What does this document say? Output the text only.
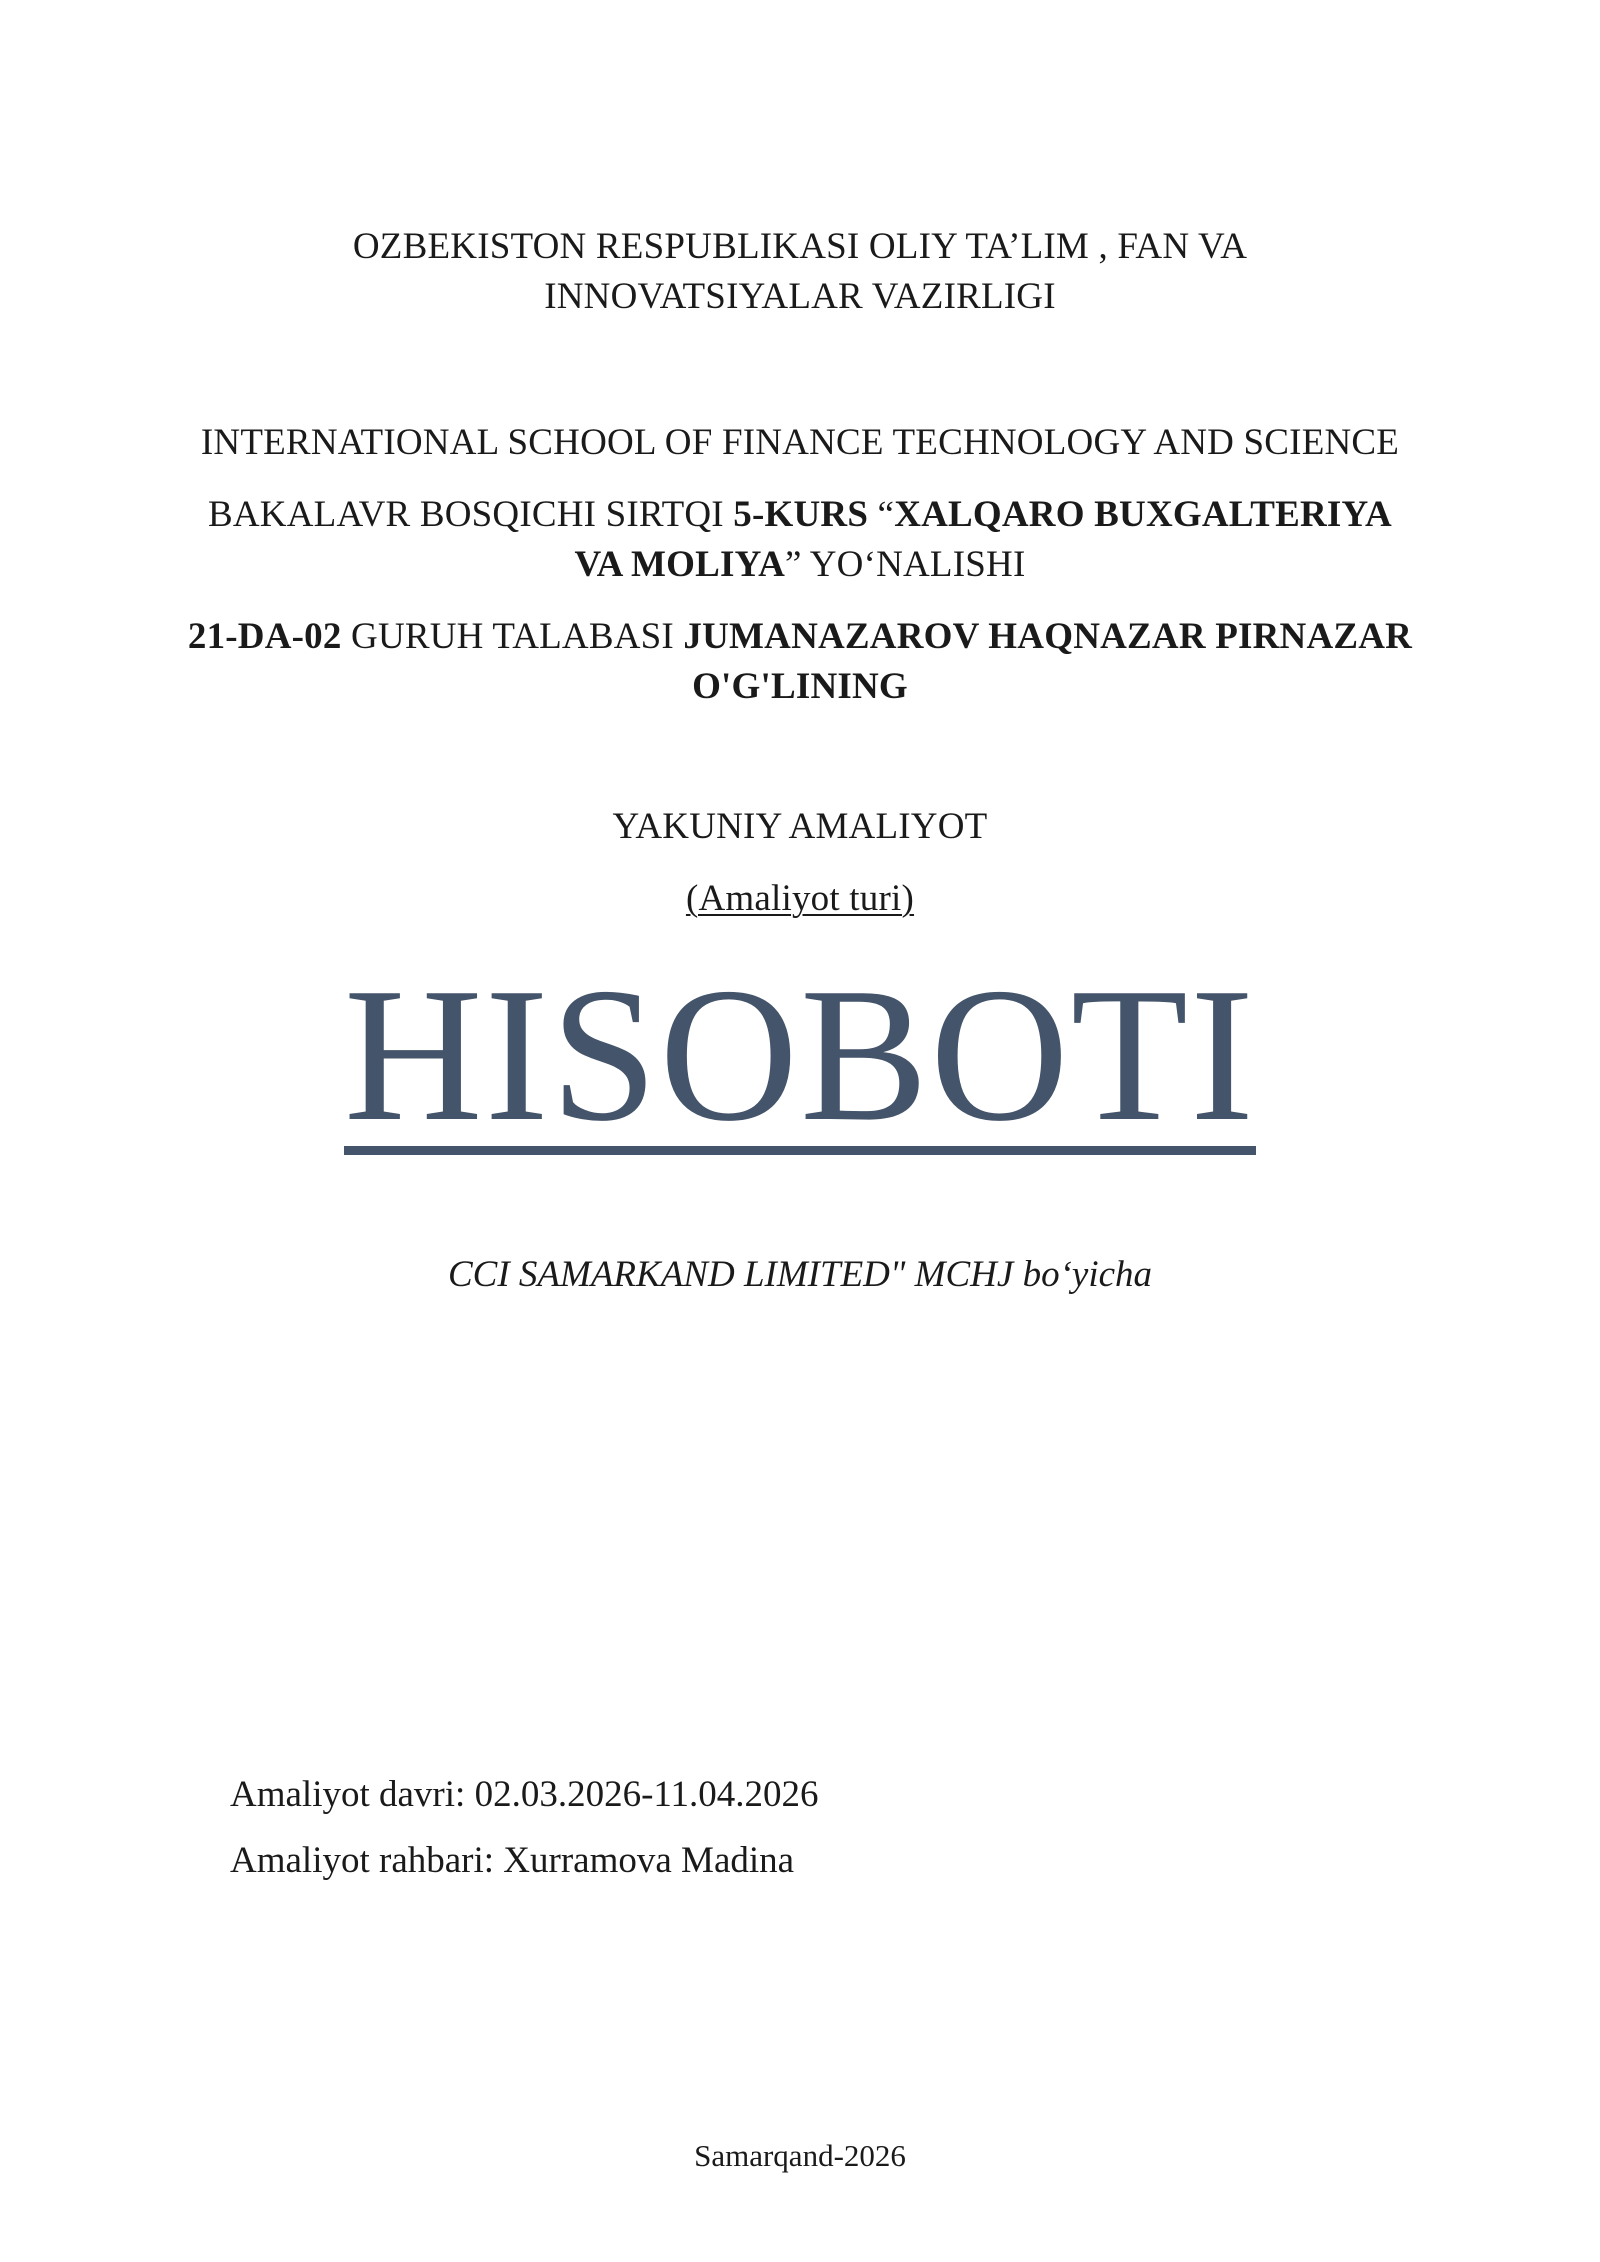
OZBEKISTON RESPUBLIKASI OLIY TA’LIM , FAN VA
INNOVATSIYALAR VAZIRLIGI
INTERNATIONAL SCHOOL OF FINANCE TECHNOLOGY AND SCIENCE
BAKALAVR BOSQICHI SIRTQI 5-KURS “XALQARO BUXGALTERIYA
VA MOLIYA” YO‘NALISHI
21-DA-02 GURUH TALABASI JUMANAZAROV HAQNAZAR PIRNAZAR
O'G'LINING
YAKUNIY AMALIYOT
(Amaliyot turi)
HISOBOTI
CCI SAMARKAND LIMITED" MCHJ bo‘yicha
Amaliyot davri: 02.03.2026-11.04.2026
Amaliyot rahbari: Xurramova Madina
Samarqand-2026
